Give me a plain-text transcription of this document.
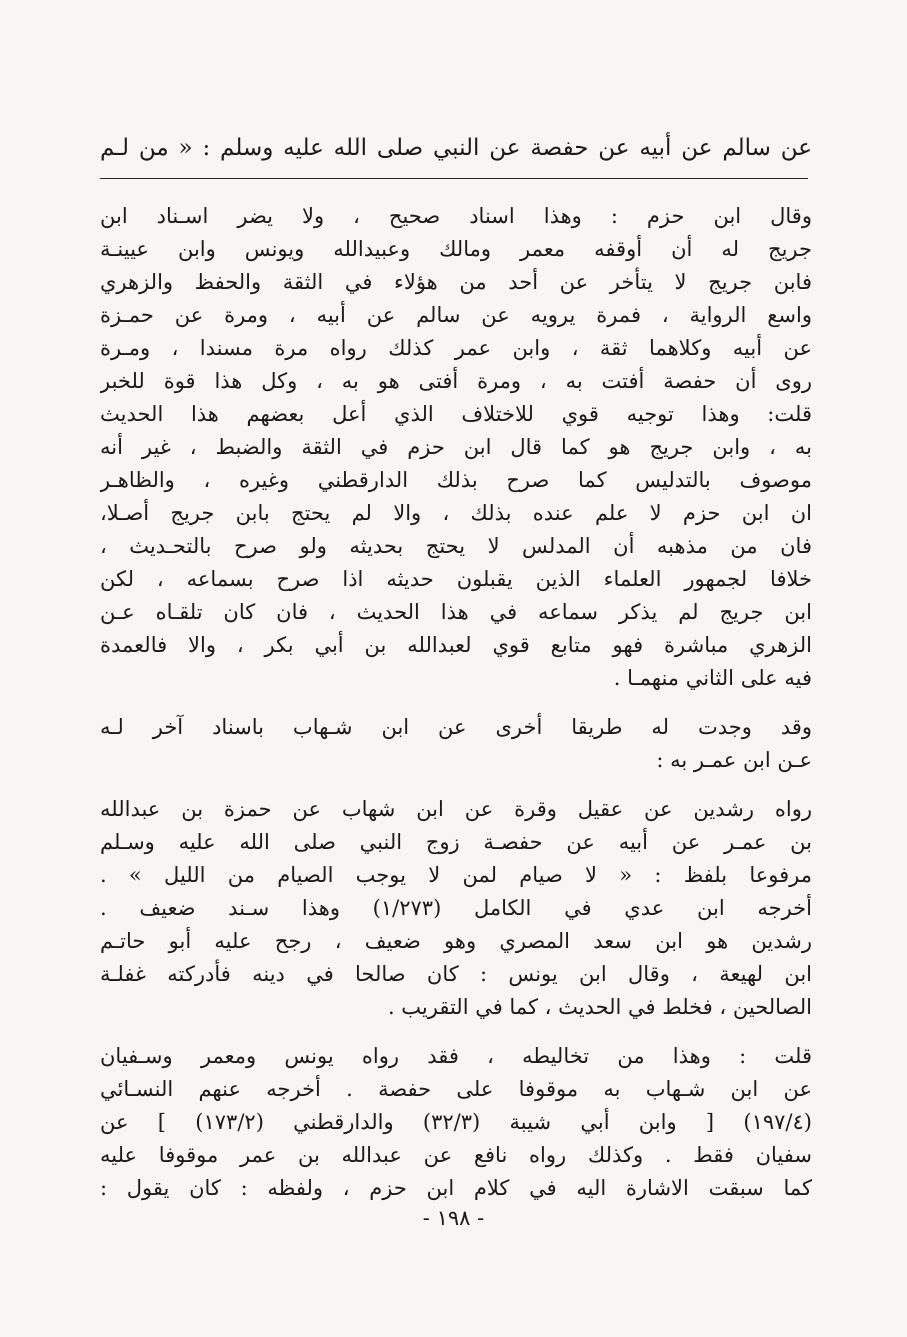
عن سالم عن أبيه عن حفصة عن النبي صلى الله عليه وسلم : « من لـم
وقال ابن حزم : وهذا اسناد صحيح ، ولا يضر اسـناد ابن
جريج له أن أوقفه معمر ومالك وعبيدالله ويونس وابن عيينـة
فابن جريج لا يتأخر عن أحد من هؤلاء في الثقة والحفظ والزهري
واسع الرواية ، فمرة يرويه عن سالم عن أبيه ، ومرة عن حمـزة
عن أبيه وكلاهما ثقة ، وابن عمر كذلك رواه مرة مسندا ، ومـرة
روى أن حفصة أفتت به ، ومرة أفتى هو به ، وكل هذا قوة للخبر
قلت: وهذا توجيه قوي للاختلاف الذي أعل بعضهم هذا الحديث
به ، وابن جريج هو كما قال ابن حزم في الثقة والضبط ، غير أنه
موصوف بالتدليس كما صرح بذلك الدارقطني وغيره ، والظاهـر
ان ابن حزم لا علم عنده بذلك ، والا لم يحتج بابن جريج أصـلا،
فان من مذهبه أن المدلس لا يحتج بحديثه ولو صرح بالتحـديث ،
خلافا لجمهور العلماء الذين يقبلون حديثه اذا صرح بسماعه ، لكن
ابن جريج لم يذكر سماعه في هذا الحديث ، فان كان تلقـاه عـن
الزهري مباشرة فهو متابع قوي لعبدالله بن أبي بكر ، والا فالعمدة
فيه على الثاني منهمـا .
وقد وجدت له طريقا أخرى عن ابن شـهاب باسناد آخر لـه
عـن ابن عمـر به :
رواه رشدين عن عقيل وقرة عن ابن شهاب عن حمزة بن عبدالله
بن عمـر عن أبيه عن حفصـة زوج النبي صلى الله عليه وسـلم
مرفوعا بلفظ : « لا صيام لمن لا يوجب الصيام من الليل » .
أخرجه ابن عدي في الكامل (١/٢٧٣) وهذا سـند ضعيف .
رشدين هو ابن سعد المصري وهو ضعيف ، رجح عليه أبو حاتـم
ابن لهيعة ، وقال ابن يونس : كان صالحا في دينه فأدركته غفلـة
الصالحين ، فخلط في الحديث ، كما في التقريب .
قلت : وهذا من تخاليطه ، فقد رواه يونس ومعمر وسـفيان
عن ابن شـهاب به موقوفا على حفصة . أخرجه عنهم النسـائي
(١٩٧/٤) [ وابن أبي شيبة (٣٢/٣) والدارقطني (١٧٣/٢) ] عن
سفيان فقط . وكذلك رواه نافع عن عبدالله بن عمر موقوفا عليه
كما سبقت الاشارة اليه في كلام ابن حزم ، ولفظه : كان يقول :
- ١٩٨ -
